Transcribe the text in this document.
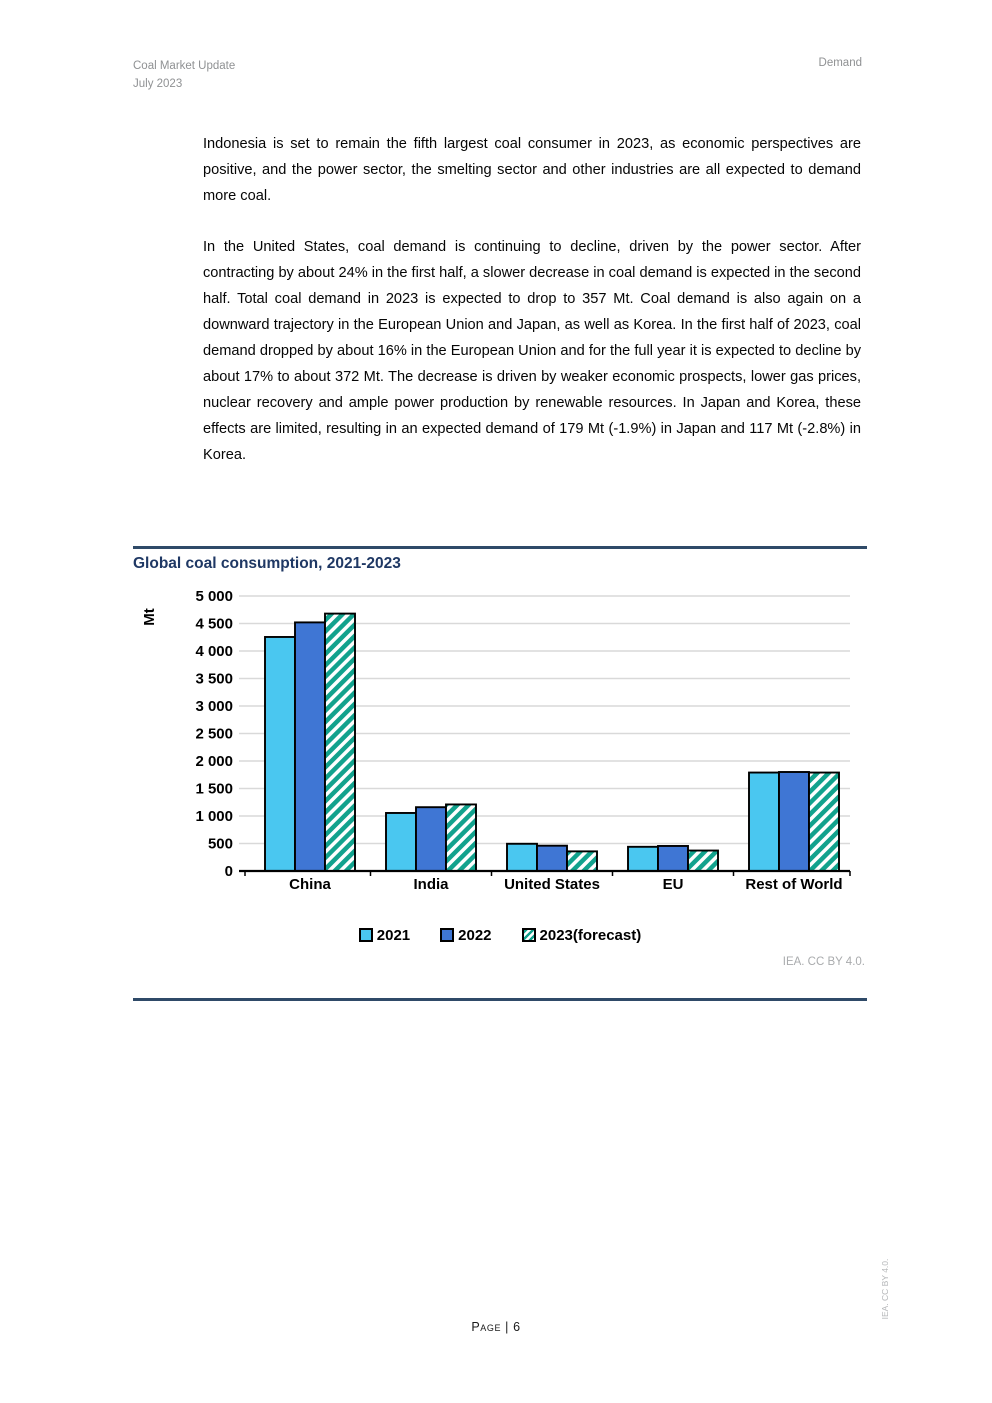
Coal Market Update
July 2023
Demand

Indonesia is set to remain the fifth largest coal consumer in 2023, as economic perspectives are positive, and the power sector, the smelting sector and other industries are all expected to demand more coal.

In the United States, coal demand is continuing to decline, driven by the power sector. After contracting by about 24% in the first half, a slower decrease in coal demand is expected in the second half. Total coal demand in 2023 is expected to drop to 357 Mt. Coal demand is also again on a downward trajectory in the European Union and Japan, as well as Korea. In the first half of 2023, coal demand dropped by about 16% in the European Union and for the full year it is expected to decline by about 17% to about 372 Mt. The decrease is driven by weaker economic prospects, lower gas prices, nuclear recovery and ample power production by renewable resources. In Japan and Korea, these effects are limited, resulting in an expected demand of 179 Mt (-1.9%) in Japan and 117 Mt (-2.8%) in Korea.

Global coal consumption, 2021-2023
0
500
1 000
1 500
2 000
2 500
3 000
3 500
4 000
4 500
5 000
Mt
China	India	United States	EU	Rest of World
2021	2022	2023(forecast)
IEA. CC BY 4.0.
Page | 6
IEA. CC BY 4.0.
